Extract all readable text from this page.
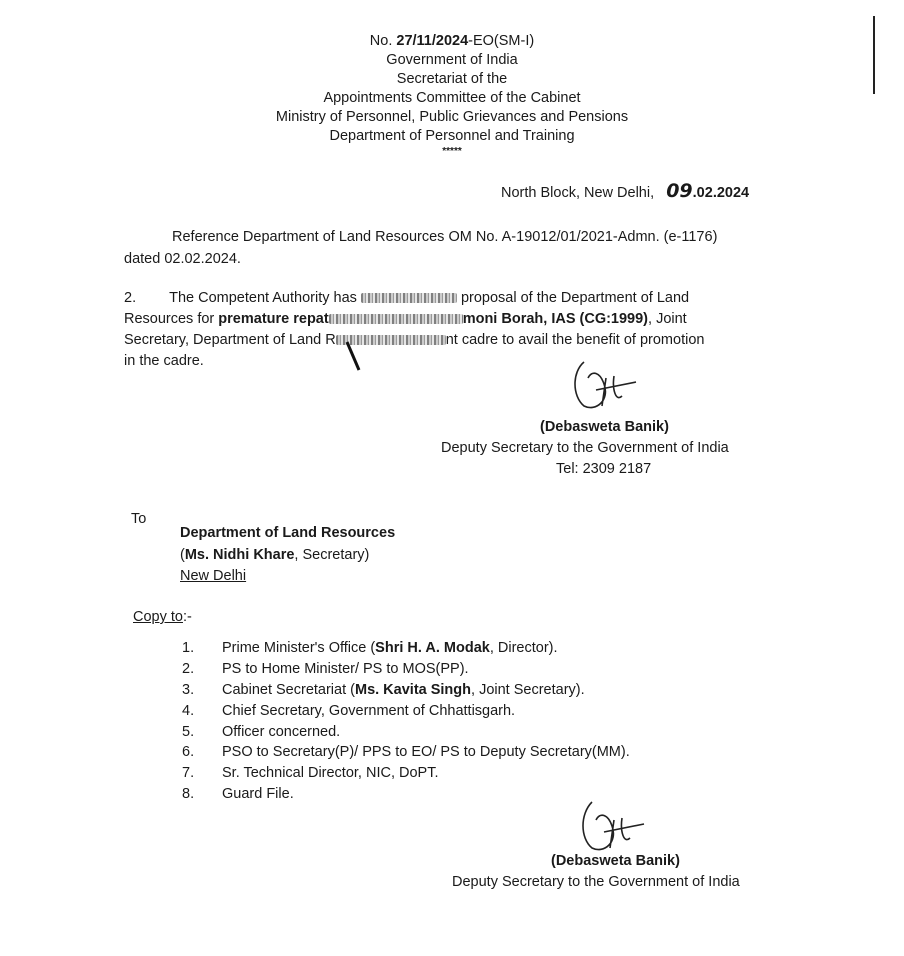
No. 27/11/2024-EO(SM-I)
Government of India
Secretariat of the
Appointments Committee of the Cabinet
Ministry of Personnel, Public Grievances and Pensions
Department of Personnel and Training
*****
North Block, New Delhi, 09.02.2024
Reference Department of Land Resources OM No. A-19012/01/2021-Admn. (e-1176)
dated 02.02.2024.
2. The Competent Authority has	proposal of the Department of Land
Resources for premature repat	moni Borah, IAS (CG:1999), Joint
Secretary, Department of Land R	nt cadre to avail the benefit of promotion
in the cadre.
(Debasweta Banik)
Deputy Secretary to the Government of India
Tel: 2309 2187
To
Department of Land Resources
(Ms. Nidhi Khare, Secretary)
New Delhi
Copy to:-
1. Prime Minister's Office (Shri H. A. Modak, Director).
2. PS to Home Minister/ PS to MOS(PP).
3. Cabinet Secretariat (Ms. Kavita Singh, Joint Secretary).
4. Chief Secretary, Government of Chhattisgarh.
5. Officer concerned.
6. PSO to Secretary(P)/ PPS to EO/ PS to Deputy Secretary(MM).
7. Sr. Technical Director, NIC, DoPT.
8. Guard File.
(Debasweta Banik)
Deputy Secretary to the Government of India
